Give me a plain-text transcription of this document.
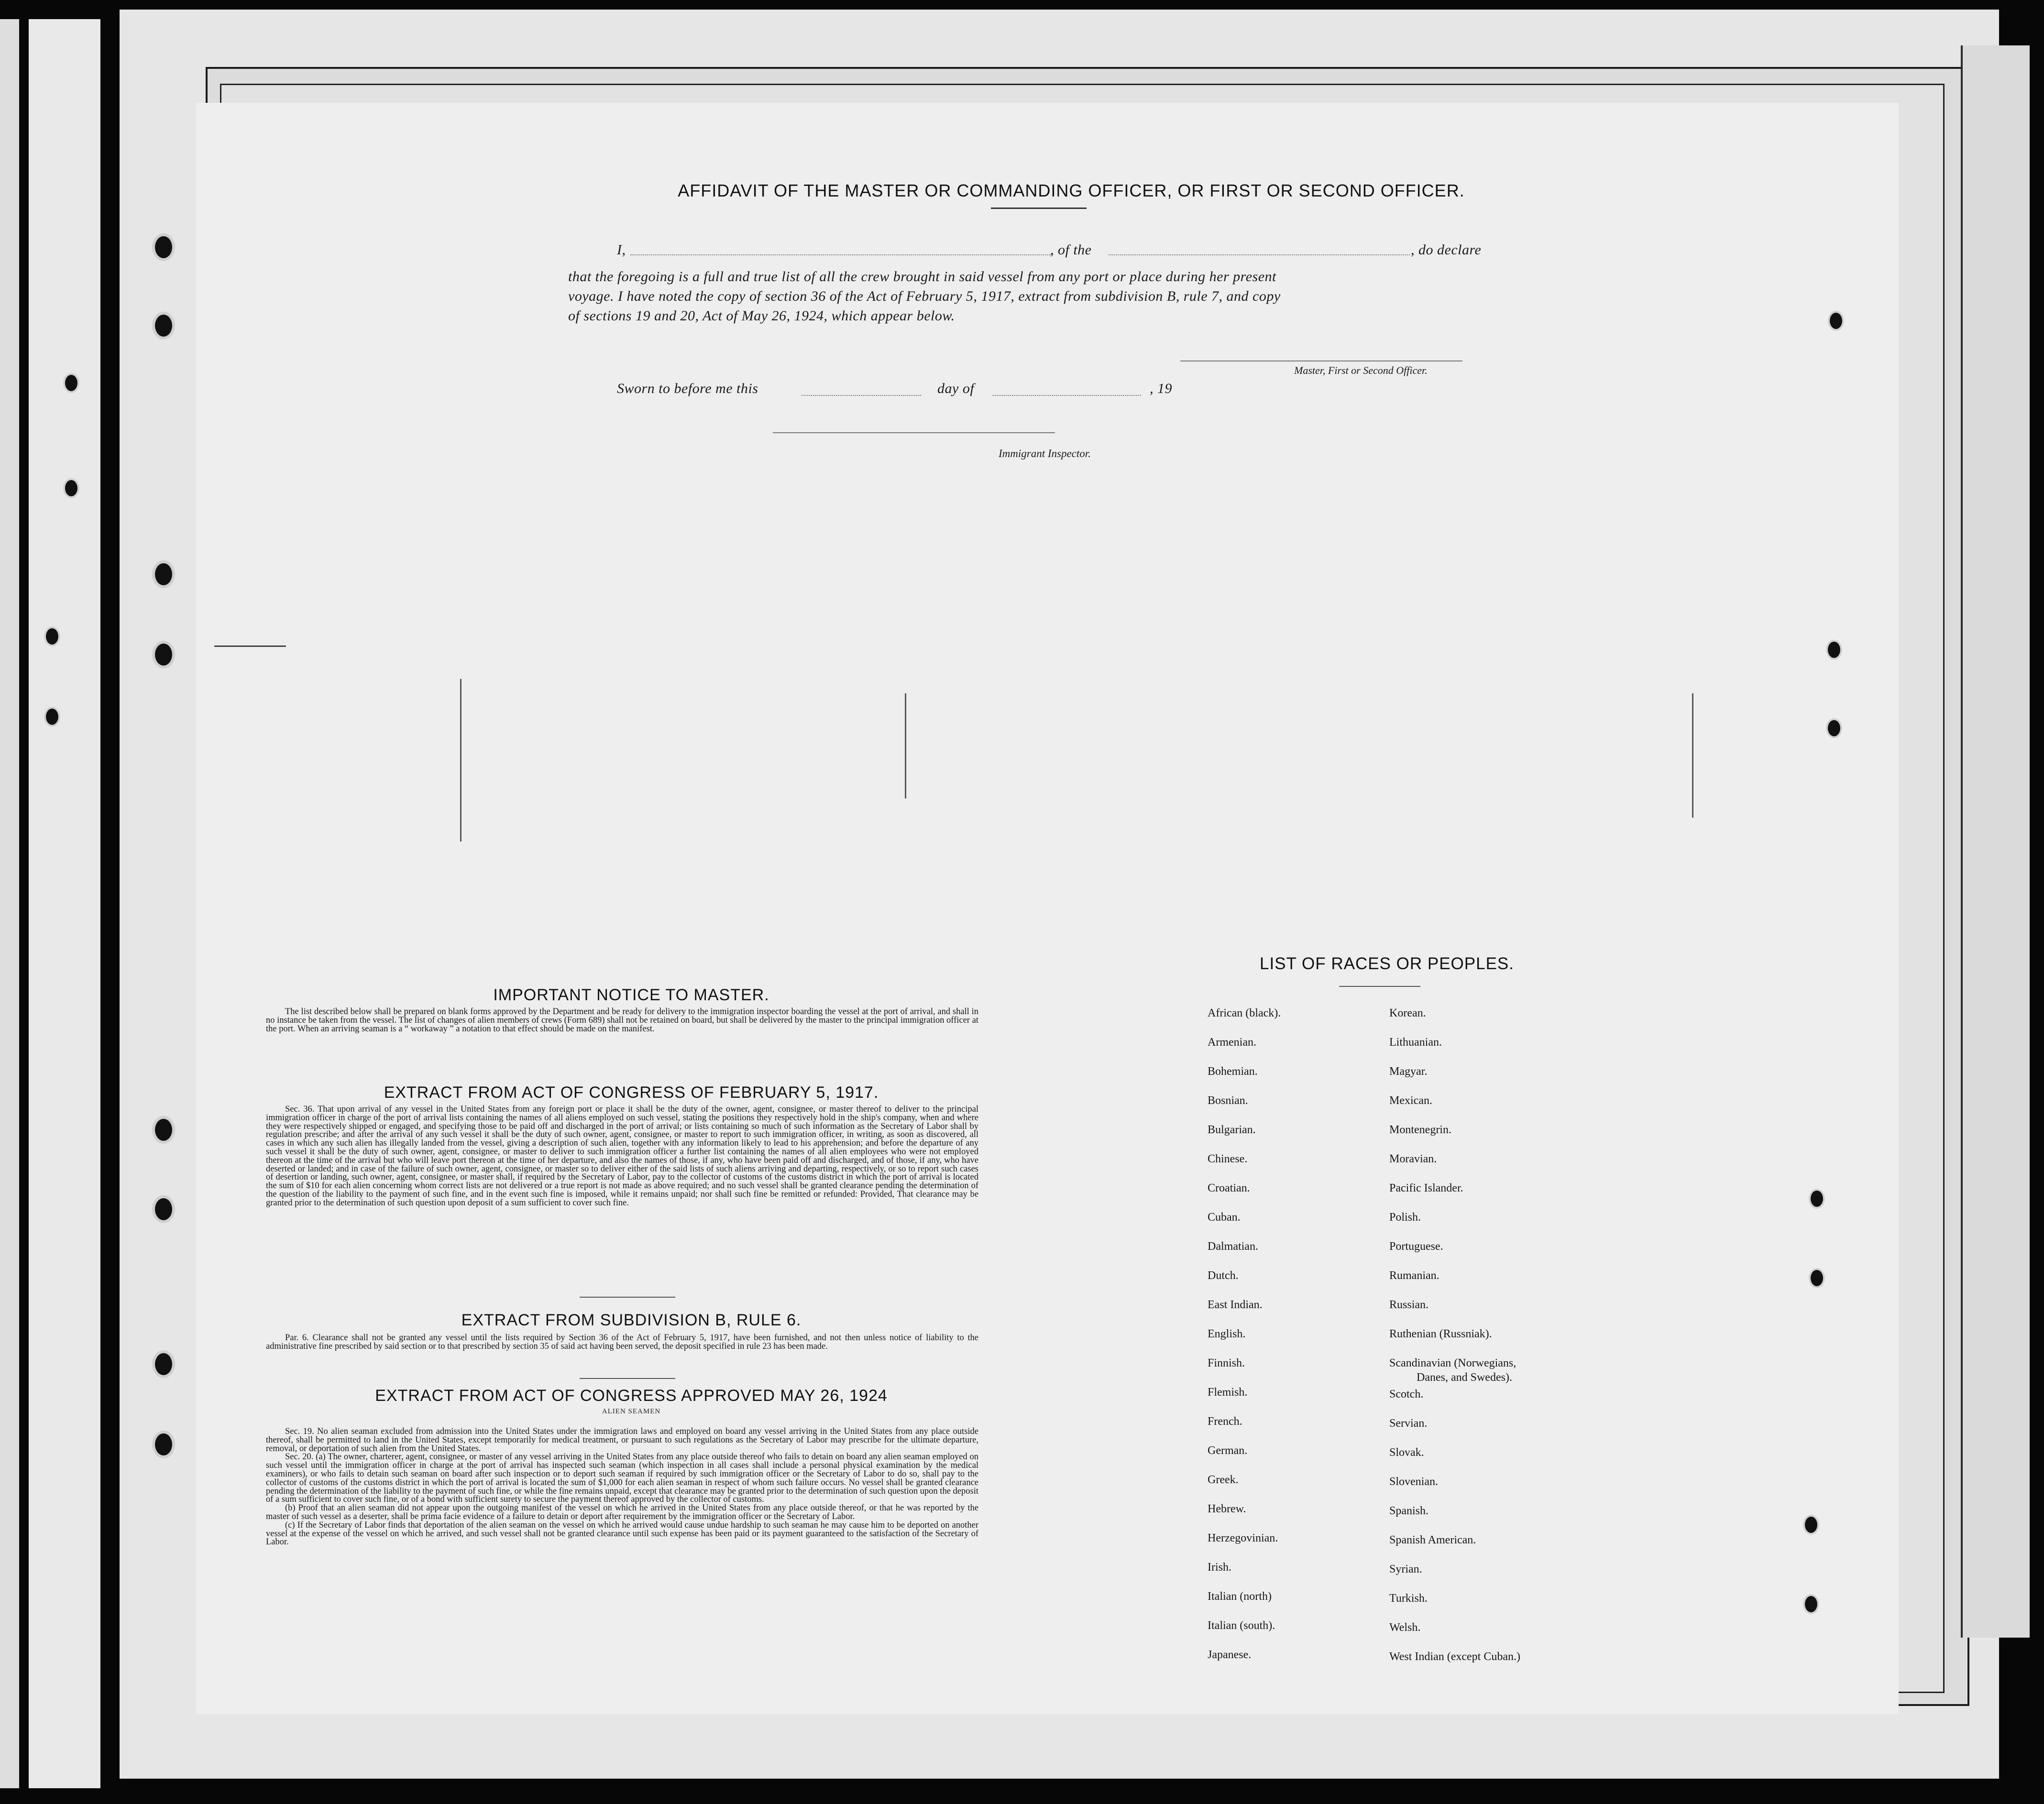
AFFIDAVIT OF THE MASTER OR COMMANDING OFFICER, OR FIRST OR SECOND OFFICER.
I,	, of the	, do declare
that the foregoing is a full and true list of all the crew brought in said vessel from any port or place during her present
voyage. I have noted the copy of section 36 of the Act of February 5, 1917, extract from subdivision B, rule 7, and copy
of sections 19 and 20, Act of May 26, 1924, which appear below.
Master, First or Second Officer.
Sworn to before me this	day of	, 19
Immigrant Inspector.
IMPORTANT NOTICE TO MASTER.

The list described below shall be prepared on blank forms approved by the Department and be ready for delivery to the immigration inspector boarding the vessel at the port of arrival, and shall in no instance be taken from the vessel. The list of changes of alien members of crews (Form 689) shall not be retained on board, but shall be delivered by the master to the principal immigration officer at the port. When an arriving seaman is a “ workaway ” a notation to that effect should be made on the manifest.

EXTRACT FROM ACT OF CONGRESS OF FEBRUARY 5, 1917.

Sec. 36. That upon arrival of any vessel in the United States from any foreign port or place it shall be the duty of the owner, agent, consignee, or master thereof to deliver to the principal immigration officer in charge of the port of arrival lists containing the names of all aliens employed on such vessel, stating the positions they respectively hold in the ship's company, when and where they were respectively shipped or engaged, and specifying those to be paid off and discharged in the port of arrival; or lists containing so much of such information as the Secretary of Labor shall by regulation prescribe; and after the arrival of any such vessel it shall be the duty of such owner, agent, consignee, or master to report to such immigration officer, in writing, as soon as discovered, all cases in which any such alien has illegally landed from the vessel, giving a description of such alien, together with any information likely to lead to his apprehension; and before the departure of any such vessel it shall be the duty of such owner, agent, consignee, or master to deliver to such immigration officer a further list containing the names of all alien employees who were not employed thereon at the time of the arrival but who will leave port thereon at the time of her departure, and also the names of those, if any, who have been paid off and discharged, and of those, if any, who have deserted or landed; and in case of the failure of such owner, agent, consignee, or master so to deliver either of the said lists of such aliens arriving and departing, respectively, or so to report such cases of desertion or landing, such owner, agent, consignee, or master shall, if required by the Secretary of Labor, pay to the collector of customs of the customs district in which the port of arrival is located the sum of $10 for each alien concerning whom correct lists are not delivered or a true report is not made as above required; and no such vessel shall be granted clearance pending the determination of the question of the liability to the payment of such fine, and in the event such fine is imposed, while it remains unpaid; nor shall such fine be remitted or refunded: Provided, That clearance may be granted prior to the determination of such question upon deposit of a sum sufficient to cover such fine.

EXTRACT FROM SUBDIVISION B, RULE 6.

Par. 6. Clearance shall not be granted any vessel until the lists required by Section 36 of the Act of February 5, 1917, have been furnished, and not then unless notice of liability to the administrative fine prescribed by said section or to that prescribed by section 35 of said act having been served, the deposit specified in rule 23 has been made.

EXTRACT FROM ACT OF CONGRESS APPROVED MAY 26, 1924
ALIEN SEAMEN

Sec. 19. No alien seaman excluded from admission into the United States under the immigration laws and employed on board any vessel arriving in the United States from any place outside thereof, shall be permitted to land in the United States, except temporarily for medical treatment, or pursuant to such regulations as the Secretary of Labor may prescribe for the ultimate departure, removal, or deportation of such alien from the United States.

Sec. 20. (a) The owner, charterer, agent, consignee, or master of any vessel arriving in the United States from any place outside thereof who fails to detain on board any alien seaman employed on such vessel until the immigration officer in charge at the port of arrival has inspected such seaman (which inspection in all cases shall include a personal physical examination by the medical examiners), or who fails to detain such seaman on board after such inspection or to deport such seaman if required by such immigration officer or the Secretary of Labor to do so, shall pay to the collector of customs of the customs district in which the port of arrival is located the sum of $1,000 for each alien seaman in respect of whom such failure occurs. No vessel shall be granted clearance pending the determination of the liability to the payment of such fine, or while the fine remains unpaid, except that clearance may be granted prior to the determination of such question upon the deposit of a sum sufficient to cover such fine, or of a bond with sufficient surety to secure the payment thereof approved by the collector of customs.

(b) Proof that an alien seaman did not appear upon the outgoing manifest of the vessel on which he arrived in the United States from any place outside thereof, or that he was reported by the master of such vessel as a deserter, shall be prima facie evidence of a failure to detain or deport after requirement by the immigration officer or the Secretary of Labor.

(c) If the Secretary of Labor finds that deportation of the alien seaman on the vessel on which he arrived would cause undue hardship to such seaman he may cause him to be deported on another vessel at the expense of the vessel on which he arrived, and such vessel shall not be granted clearance until such expense has been paid or its payment guaranteed to the satisfaction of the Secretary of Labor.

LIST OF RACES OR PEOPLES.
African (black).
Armenian.
Bohemian.
Bosnian.
Bulgarian.
Chinese.
Croatian.
Cuban.
Dalmatian.
Dutch.
East Indian.
English.
Finnish.
Flemish.
French.
German.
Greek.
Hebrew.
Herzegovinian.
Irish.
Italian (north)
Italian (south).
Japanese.
Korean.
Lithuanian.
Magyar.
Mexican.
Montenegrin.
Moravian.
Pacific Islander.
Polish.
Portuguese.
Rumanian.
Russian.
Ruthenian (Russniak).
Scandinavian (Norwegians,
Scotch.
Servian.
Slovak.
Slovenian.
Spanish.
Spanish American.
Syrian.
Turkish.
Welsh.
West Indian (except Cuban.)
Danes, and Swedes).
